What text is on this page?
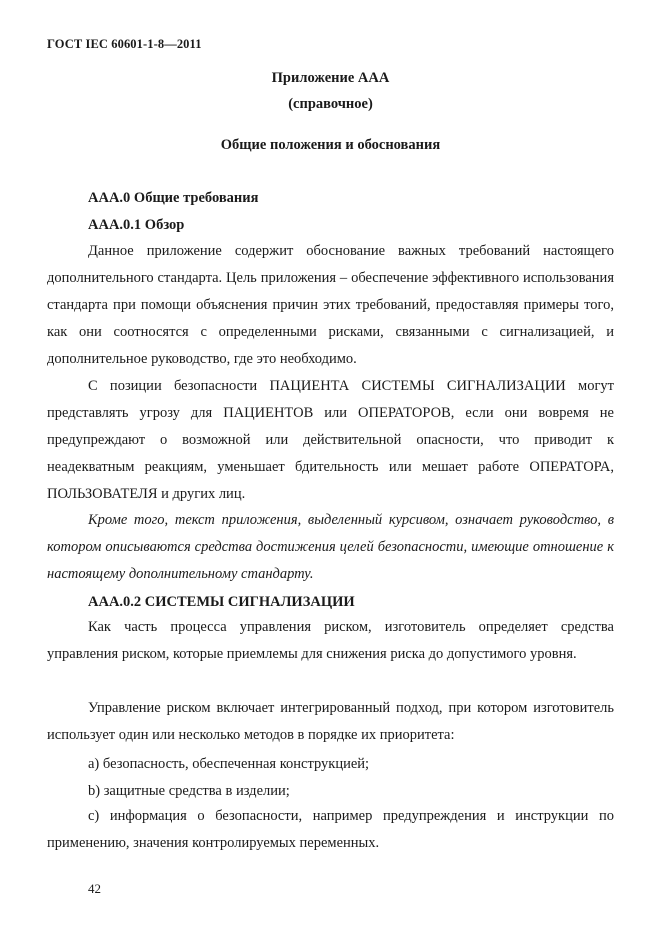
ГОСТ IEC 60601-1-8—2011
Приложение ААА
(справочное)
Общие положения и обоснования
ААА.0 Общие требования
ААА.0.1 Обзор

Данное приложение содержит обоснование важных требований настоящего дополнительного стандарта. Цель приложения – обеспечение эффективного использования стандарта при помощи объяснения причин этих требований, предоставляя примеры того, как они соотносятся с определенными рисками, связанными с сигнализацией, и дополнительное руководство, где это необходимо.

С позиции безопасности ПАЦИЕНТА СИСТЕМЫ СИГНАЛИЗАЦИИ могут представлять угрозу для ПАЦИЕНТОВ или ОПЕРАТОРОВ, если они вовремя не предупреждают о возможной или действительной опасности, что приводит к неадекватным реакциям, уменьшает бдительность или мешает работе ОПЕРАТОРА, ПОЛЬЗОВАТЕЛЯ и других лиц.

Кроме того, текст приложения, выделенный курсивом, означает руководство, в котором описываются средства достижения целей безопасности, имеющие отношение к настоящему дополнительному стандарту.

ААА.0.2 СИСТЕМЫ СИГНАЛИЗАЦИИ

Как часть процесса управления риском, изготовитель определяет средства управления риском, которые приемлемы для снижения риска до допустимого уровня.

Управление риском включает интегрированный подход, при котором изготовитель использует один или несколько методов в порядке их приоритета:

а) безопасность, обеспеченная конструкцией;
b) защитные средства в изделии;

с) информация о безопасности, например предупреждения и инструкции по применению, значения контролируемых переменных.

42
